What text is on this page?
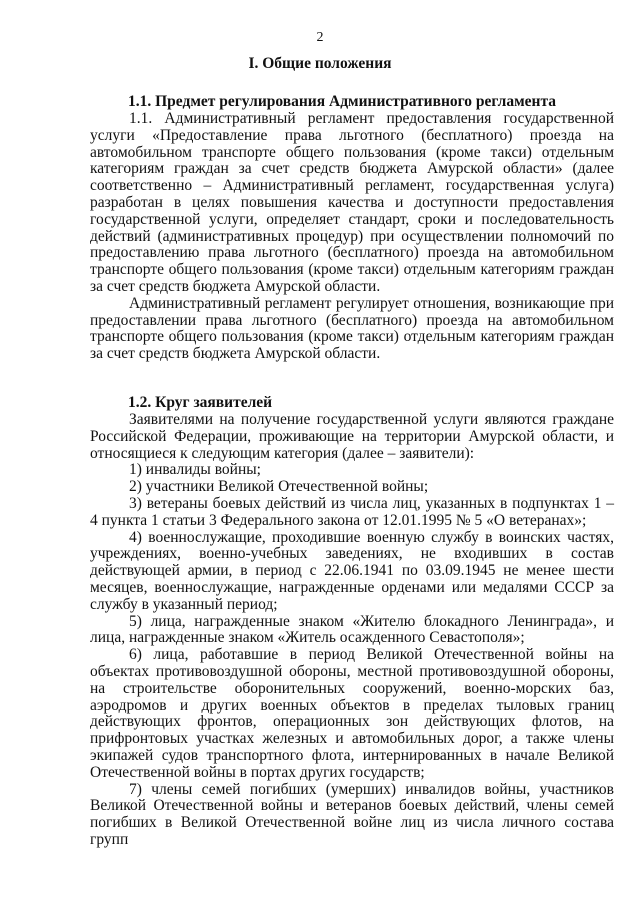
2
I. Общие положения
1.1. Предмет регулирования Административного регламента

1.1. Административный регламент предоставления государственной услуги «Предоставление права льготного (бесплатного) проезда на автомобильном транспорте общего пользования (кроме такси) отдельным категориям граждан за счет средств бюджета Амурской области» (далее соответственно – Административный регламент, государственная услуга) разработан в целях повышения качества и доступности предоставления государственной услуги, определяет стандарт, сроки и последовательность действий (административных процедур) при осуществлении полномочий по предоставлению права льготного (бесплатного) проезда на автомобильном транспорте общего пользования (кроме такси) отдельным категориям граждан за счет средств бюджета Амурской области.

Административный регламент регулирует отношения, возникающие при предоставлении права льготного (бесплатного) проезда на автомобильном транспорте общего пользования (кроме такси) отдельным категориям граждан за счет средств бюджета Амурской области.

1.2. Круг заявителей

Заявителями на получение государственной услуги являются граждане Российской Федерации, проживающие на территории Амурской области, и относящиеся к следующим категория (далее – заявители):

1) инвалиды войны;

2) участники Великой Отечественной войны;

3) ветераны боевых действий из числа лиц, указанных в подпунктах 1 – 4 пункта 1 статьи 3 Федерального закона от 12.01.1995 № 5 «О ветеранах»;

4) военнослужащие, проходившие военную службу в воинских частях, учреждениях, военно-учебных заведениях, не входивших в состав действующей армии, в период с 22.06.1941 по 03.09.1945 не менее шести месяцев, военнослужащие, награжденные орденами или медалями СССР за службу в указанный период;

5) лица, награжденные знаком «Жителю блокадного Ленинграда», и лица, награжденные знаком «Житель осажденного Севастополя»;

6) лица, работавшие в период Великой Отечественной войны на объектах противовоздушной обороны, местной противовоздушной обороны, на строительстве оборонительных сооружений, военно-морских баз, аэродромов и других военных объектов в пределах тыловых границ действующих фронтов, операционных зон действующих флотов, на прифронтовых участках железных и автомобильных дорог, а также члены экипажей судов транспортного флота, интернированных в начале Великой Отечественной войны в портах других государств;

7) члены семей погибших (умерших) инвалидов войны, участников Великой Отечественной войны и ветеранов боевых действий, члены семей погибших в Великой Отечественной войне лиц из числа личного состава групп
